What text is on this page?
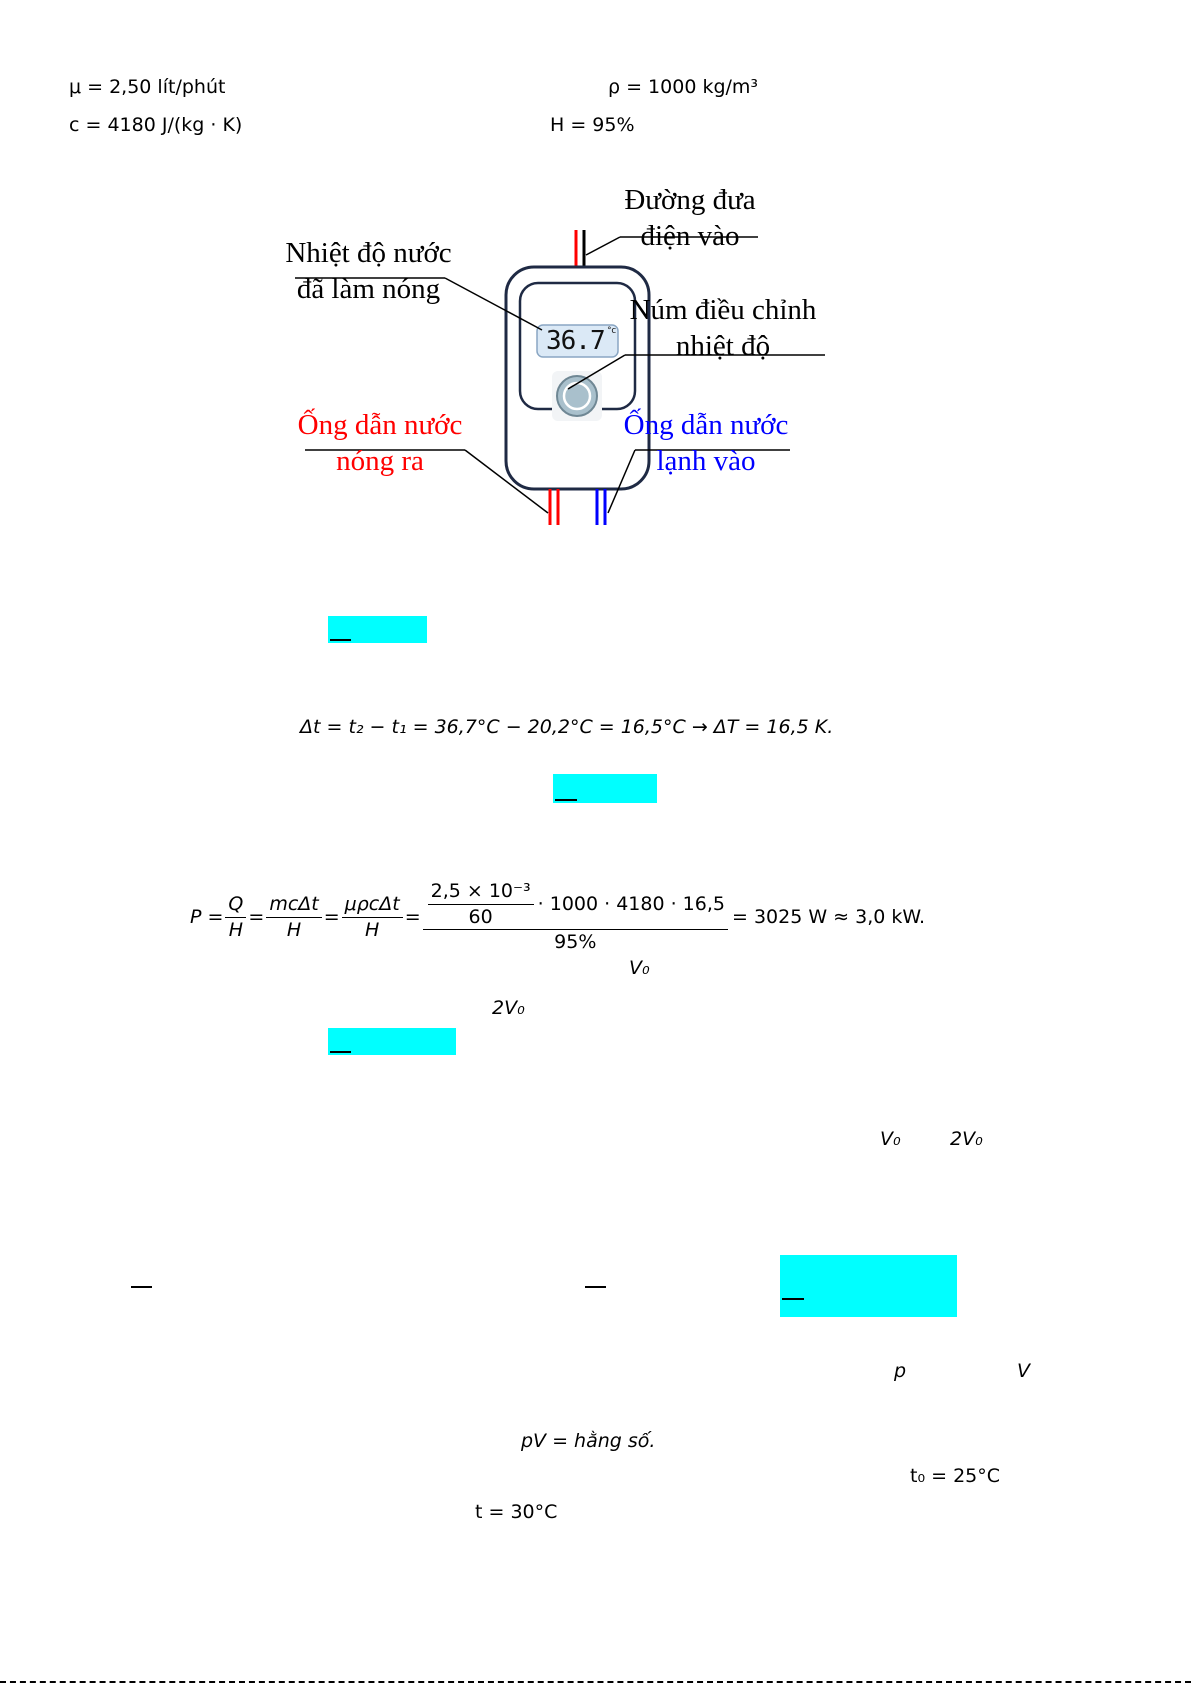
μ = 2,50 lít/phút	ρ = 1000 kg/m³
c = 4180 J/(kg · K)	H = 95%
36.7 $^{^\circ c}$
Đường đưa
điện vào
Nhiệt độ nước
đã làm nóng
Núm điều chỉnh
nhiệt độ
Ống dẫn nước
nóng ra
Ống dẫn nước
lạnh vào
Δt = t₂ − t₁ = 36,7°C − 20,2°C = 16,5°C → ΔT = 16,5 K.
$P = \frac{Q}{H} = \frac{\text{mcΔt}}{H} = \frac{\text{μρcΔt}}{H} = \frac{\frac{\text{2,5 × 10⁻³}}{60} \cdot 1000 \cdot 4180 \cdot 16,5}{95\%} = 3025$ W ≈ 3,0 kW.
V₀
2V₀
V₀	2V₀
p	V
pV = hằng số.
t₀ = 25°C
t = 30°C
